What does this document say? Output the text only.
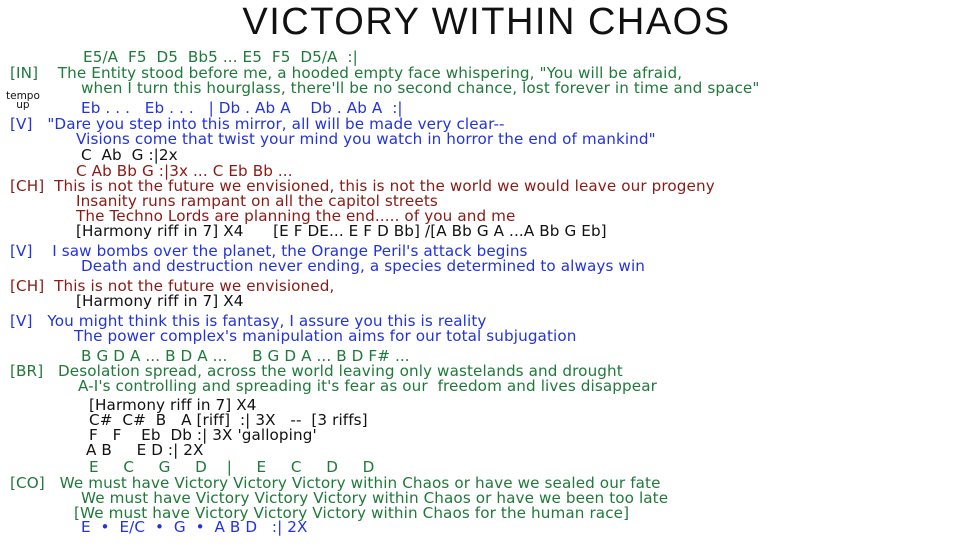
VICTORY WITHIN CHAOS
tempo
up
E5/A  F5  D5  Bb5 ... E5  F5  D5/A  :|
[IN]    The Entity stood before me, a hooded empty face whispering, "You will be afraid,
when I turn this hourglass, there'll be no second chance, lost forever in time and space"
Eb . . .   Eb . . .   | Db . Ab A    Db . Ab A  :|
[V]   "Dare you step into this mirror, all will be made very clear--
Visions come that twist your mind you watch in horror the end of mankind"
C  Ab  G :|2x
C Ab Bb G :|3x ... C Eb Bb ...
[CH]  This is not the future we envisioned, this is not the world we would leave our progeny
Insanity runs rampant on all the capitol streets
The Techno Lords are planning the end..... of you and me
[Harmony riff in 7] X4      [E F DE... E F D Bb] /[A Bb G A ...A Bb G Eb]
[V]    I saw bombs over the planet, the Orange Peril's attack begins
Death and destruction never ending, a species determined to always win
[CH]  This is not the future we envisioned,
[Harmony riff in 7] X4
[V]   You might think this is fantasy, I assure you this is reality
The power complex's manipulation aims for our total subjugation
B G D A ... B D A ...     B G D A ... B D F# ...
[BR]   Desolation spread, across the world leaving only wastelands and drought
A-I's controlling and spreading it's fear as our  freedom and lives disappear
[Harmony riff in 7] X4
C#  C#  B   A [riff]  :| 3X   --  [3 riffs]
F   F    Eb  Db :| 3X 'galloping'
A B     E D :| 2X
E     C     G     D    |     E     C     D     D
[CO]   We must have Victory Victory Victory within Chaos or have we sealed our fate
We must have Victory Victory Victory within Chaos or have we been too late
[We must have Victory Victory Victory within Chaos for the human race]
E  •  E/C  •  G  •  A B D   :| 2X
